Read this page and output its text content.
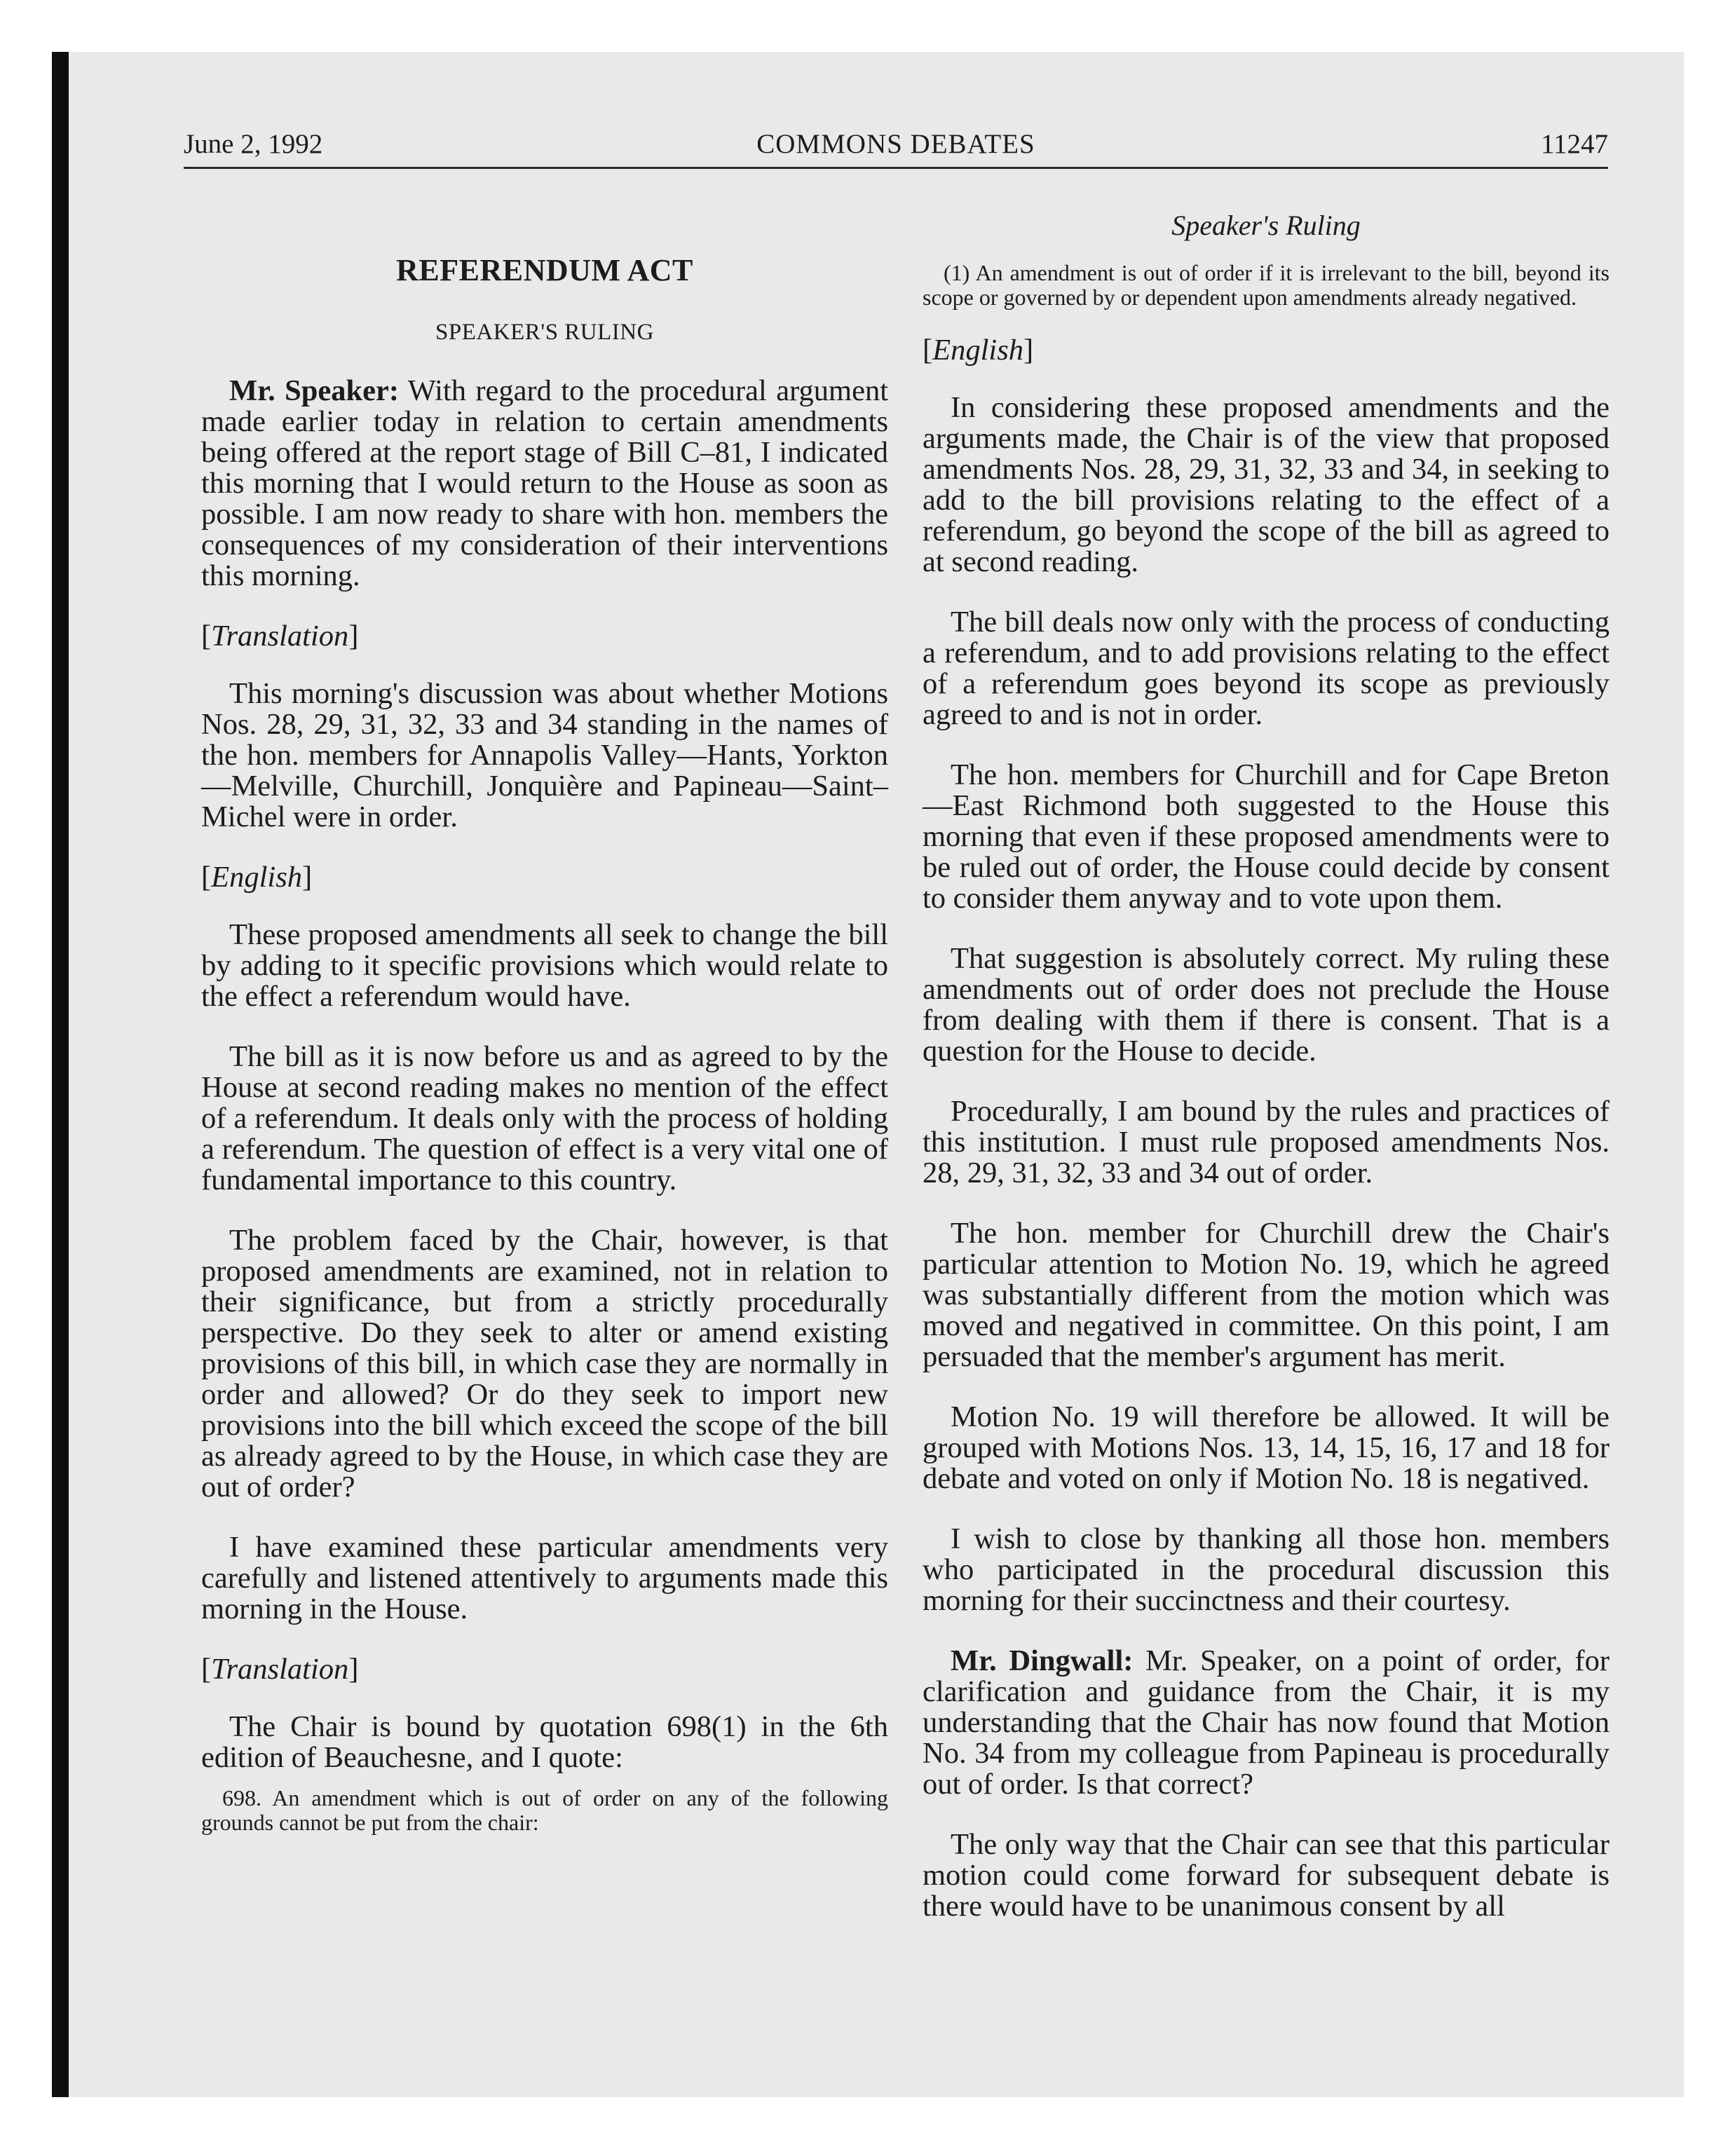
June 2, 1992	COMMONS DEBATES	11247

REFERENDUM ACT

SPEAKER'S RULING

Mr. Speaker: With regard to the procedural argument made earlier today in relation to certain amendments being offered at the report stage of Bill C–81, I indicated this morning that I would return to the House as soon as possible. I am now ready to share with hon. members the consequences of my consideration of their interventions this morning.

[Translation]

This morning's discussion was about whether Motions Nos. 28, 29, 31, 32, 33 and 34 standing in the names of the hon. members for Annapolis Valley—Hants, Yorkton—Melville, Churchill, Jonquière and Papineau—Saint–Michel were in order.

[English]

These proposed amendments all seek to change the bill by adding to it specific provisions which would relate to the effect a referendum would have.

The bill as it is now before us and as agreed to by the House at second reading makes no mention of the effect of a referendum. It deals only with the process of holding a referendum. The question of effect is a very vital one of fundamental importance to this country.

The problem faced by the Chair, however, is that proposed amendments are examined, not in relation to their significance, but from a strictly procedurally perspective. Do they seek to alter or amend existing provisions of this bill, in which case they are normally in order and allowed? Or do they seek to import new provisions into the bill which exceed the scope of the bill as already agreed to by the House, in which case they are out of order?

I have examined these particular amendments very carefully and listened attentively to arguments made this morning in the House.

[Translation]

The Chair is bound by quotation 698(1) in the 6th edition of Beauchesne, and I quote:

698. An amendment which is out of order on any of the following grounds cannot be put from the chair:

Speaker's Ruling

(1) An amendment is out of order if it is irrelevant to the bill, beyond its scope or governed by or dependent upon amendments already negatived.

[English]

In considering these proposed amendments and the arguments made, the Chair is of the view that proposed amendments Nos. 28, 29, 31, 32, 33 and 34, in seeking to add to the bill provisions relating to the effect of a referendum, go beyond the scope of the bill as agreed to at second reading.

The bill deals now only with the process of conducting a referendum, and to add provisions relating to the effect of a referendum goes beyond its scope as previously agreed to and is not in order.

The hon. members for Churchill and for Cape Breton—East Richmond both suggested to the House this morning that even if these proposed amendments were to be ruled out of order, the House could decide by consent to consider them anyway and to vote upon them.

That suggestion is absolutely correct. My ruling these amendments out of order does not preclude the House from dealing with them if there is consent. That is a question for the House to decide.

Procedurally, I am bound by the rules and practices of this institution. I must rule proposed amendments Nos. 28, 29, 31, 32, 33 and 34 out of order.

The hon. member for Churchill drew the Chair's particular attention to Motion No. 19, which he agreed was substantially different from the motion which was moved and negatived in committee. On this point, I am persuaded that the member's argument has merit.

Motion No. 19 will therefore be allowed. It will be grouped with Motions Nos. 13, 14, 15, 16, 17 and 18 for debate and voted on only if Motion No. 18 is negatived.

I wish to close by thanking all those hon. members who participated in the procedural discussion this morning for their succinctness and their courtesy.

Mr. Dingwall: Mr. Speaker, on a point of order, for clarification and guidance from the Chair, it is my understanding that the Chair has now found that Motion No. 34 from my colleague from Papineau is procedurally out of order. Is that correct?

The only way that the Chair can see that this particular motion could come forward for subsequent debate is there would have to be unanimous consent by all
